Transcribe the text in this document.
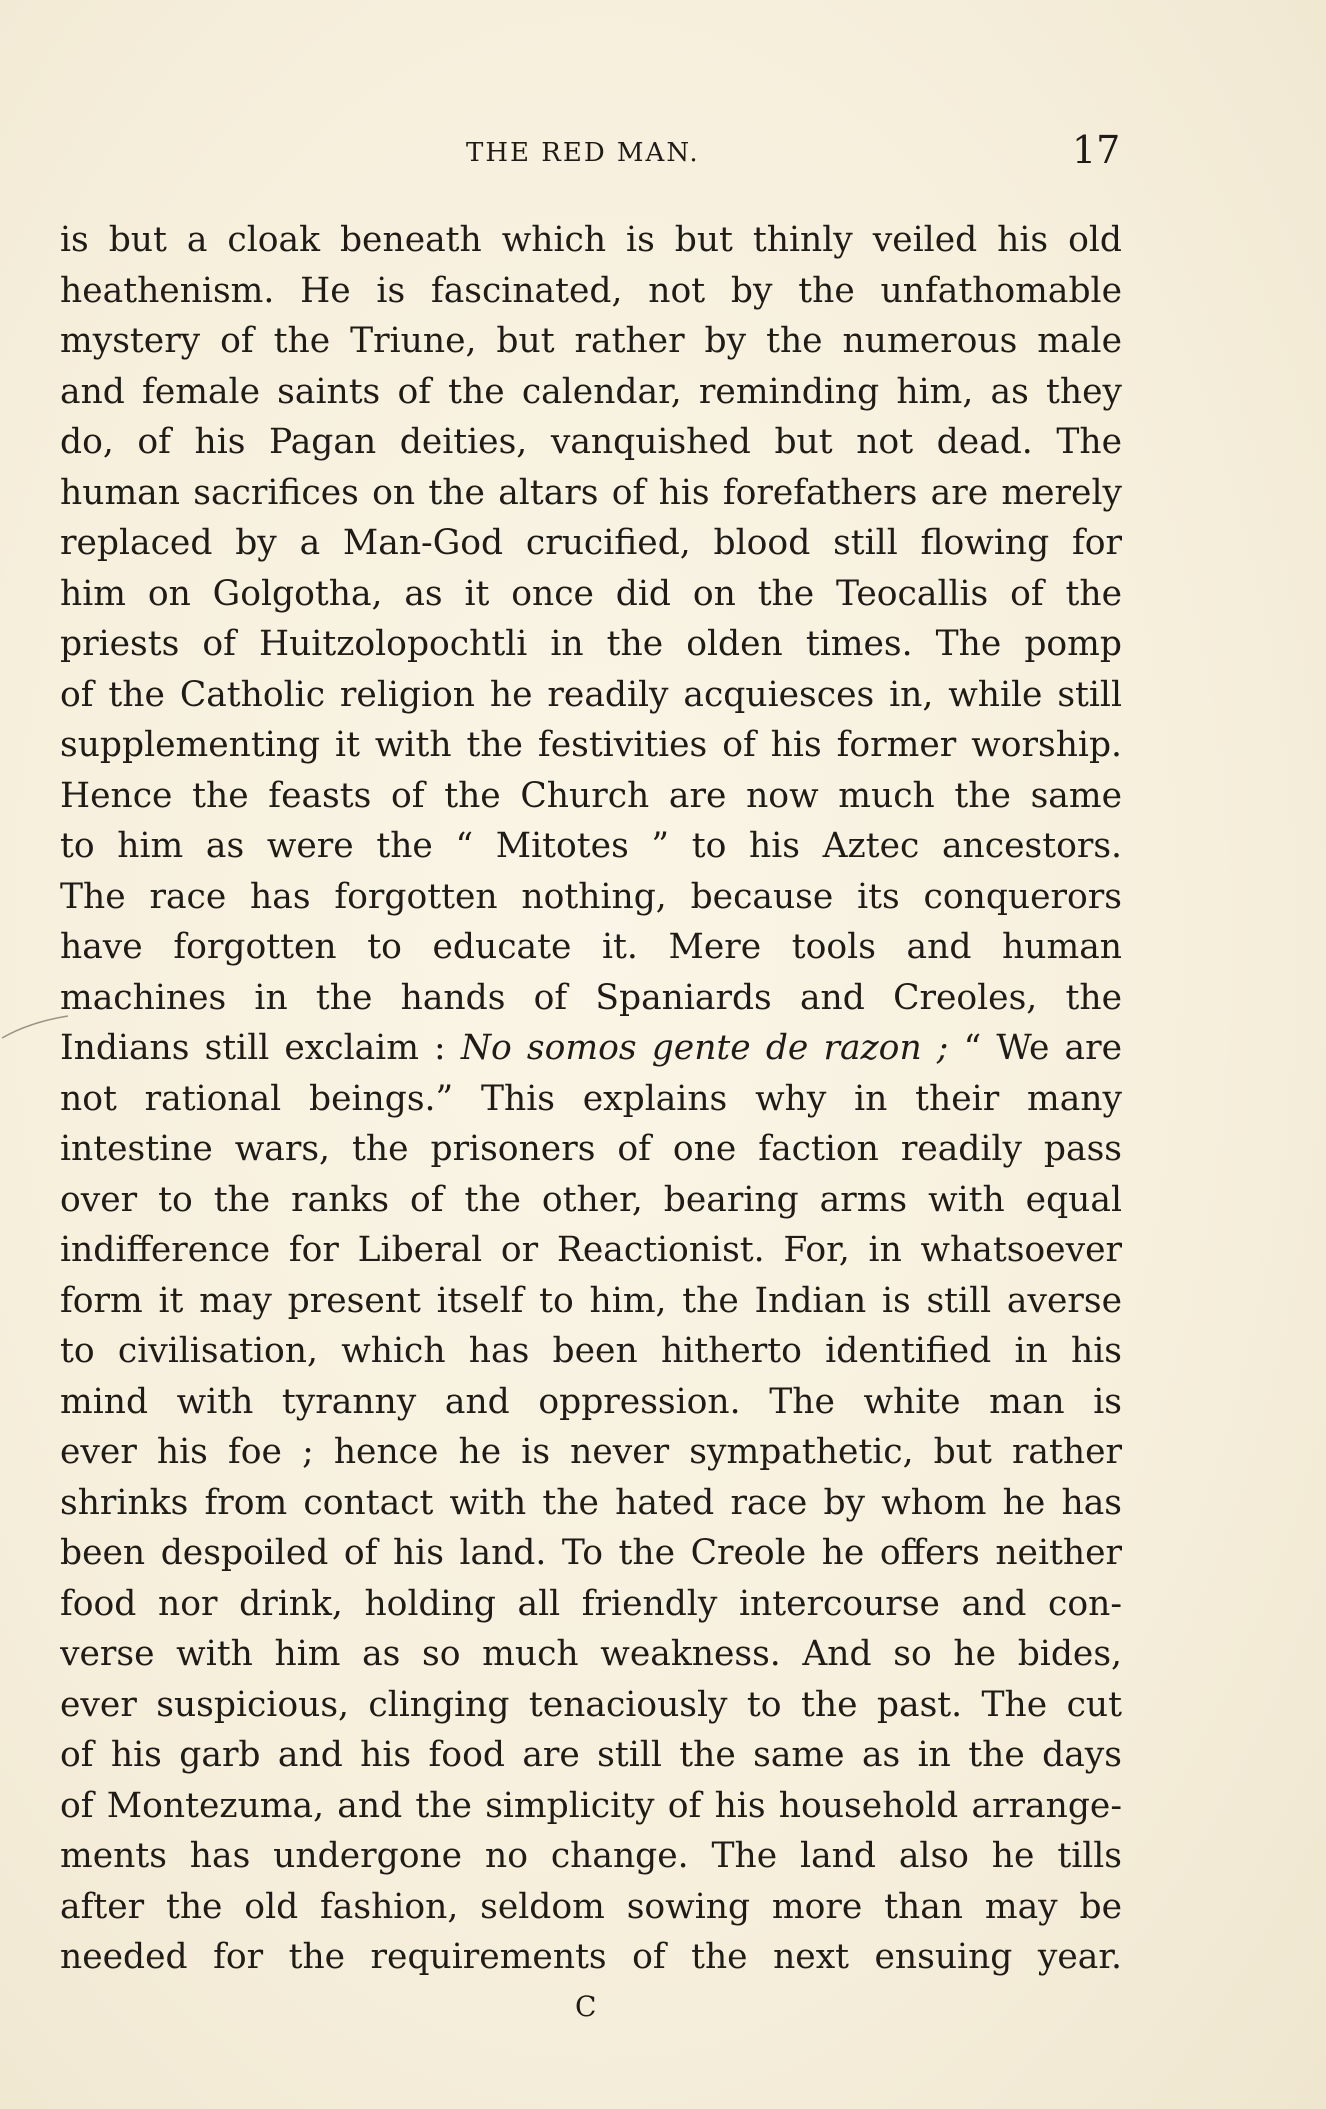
THE RED MAN.	17
is but a cloak beneath which is but thinly veiled his old
heathenism. He is fascinated, not by the unfathomable
mystery of the Triune, but rather by the numerous male
and female saints of the calendar, reminding him, as they
do, of his Pagan deities, vanquished but not dead. The
human sacrifices on the altars of his forefathers are merely
replaced by a Man-God crucified, blood still flowing for
him on Golgotha, as it once did on the Teocallis of the
priests of Huitzolopochtli in the olden times. The pomp
of the Catholic religion he readily acquiesces in, while still
supplementing it with the festivities of his former worship.
Hence the feasts of the Church are now much the same
to him as were the “ Mitotes ” to his Aztec ancestors.
The race has forgotten nothing, because its conquerors
have forgotten to educate it. Mere tools and human
machines in the hands of Spaniards and Creoles, the
Indians still exclaim : No somos gente de razon ; “ We are
not rational beings.” This explains why in their many
intestine wars, the prisoners of one faction readily pass
over to the ranks of the other, bearing arms with equal
indifference for Liberal or Reactionist. For, in whatsoever
form it may present itself to him, the Indian is still averse
to civilisation, which has been hitherto identified in his
mind with tyranny and oppression. The white man is
ever his foe ; hence he is never sympathetic, but rather
shrinks from contact with the hated race by whom he has
been despoiled of his land. To the Creole he offers neither
food nor drink, holding all friendly intercourse and con-
verse with him as so much weakness. And so he bides,
ever suspicious, clinging tenaciously to the past. The cut
of his garb and his food are still the same as in the days
of Montezuma, and the simplicity of his household arrange-
ments has undergone no change. The land also he tills
after the old fashion, seldom sowing more than may be
needed for the requirements of the next ensuing year.
C
